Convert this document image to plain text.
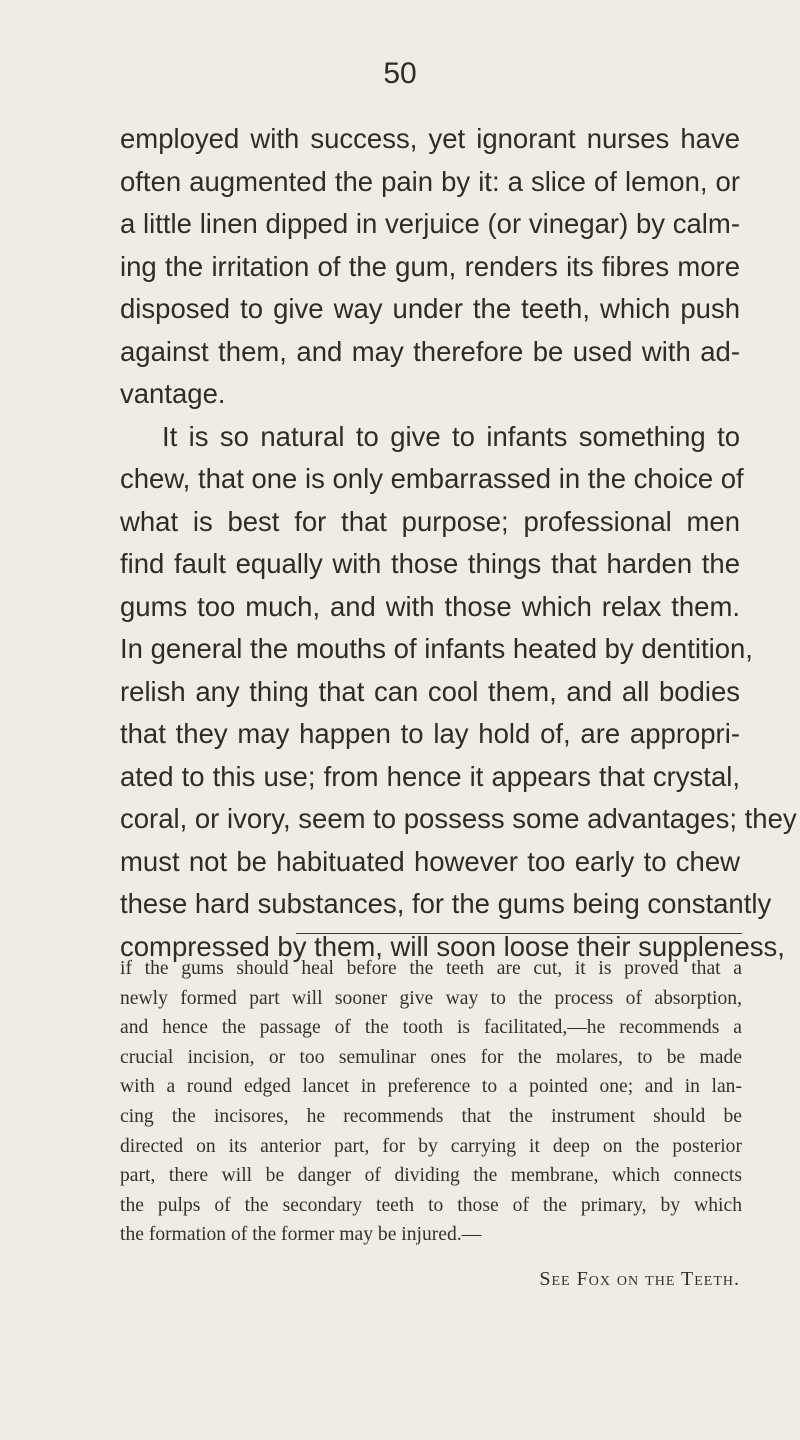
50
employed with success, yet ignorant nurses have
often augmented the pain by it: a slice of lemon, or
a little linen dipped in verjuice (or vinegar) by calm-
ing the irritation of the gum, renders its fibres more
disposed to give way under the teeth, which push
against them, and may therefore be used with ad-
vantage.
It is so natural to give to infants something to
chew, that one is only embarrassed in the choice of
what is best for that purpose; professional men
find fault equally with those things that harden the
gums too much, and with those which relax them.
In general the mouths of infants heated by dentition,
relish any thing that can cool them, and all bodies
that they may happen to lay hold of, are appropri-
ated to this use; from hence it appears that crystal,
coral, or ivory, seem to possess some advantages; they
must not be habituated however too early to chew
these hard substances, for the gums being constantly
compressed by them, will soon loose their suppleness,
if the gums should heal before the teeth are cut, it is proved that a
newly formed part will sooner give way to the process of absorption,
and hence the passage of the tooth is facilitated,—he recommends a
crucial incision, or too semulinar ones for the molares, to be made
with a round edged lancet in preference to a pointed one; and in lan-
cing the incisores, he recommends that the instrument should be
directed on its anterior part, for by carrying it deep on the posterior
part, there will be danger of dividing the membrane, which connects
the pulps of the secondary teeth to those of the primary, by which
the formation of the former may be injured.—
See Fox on the Teeth.
